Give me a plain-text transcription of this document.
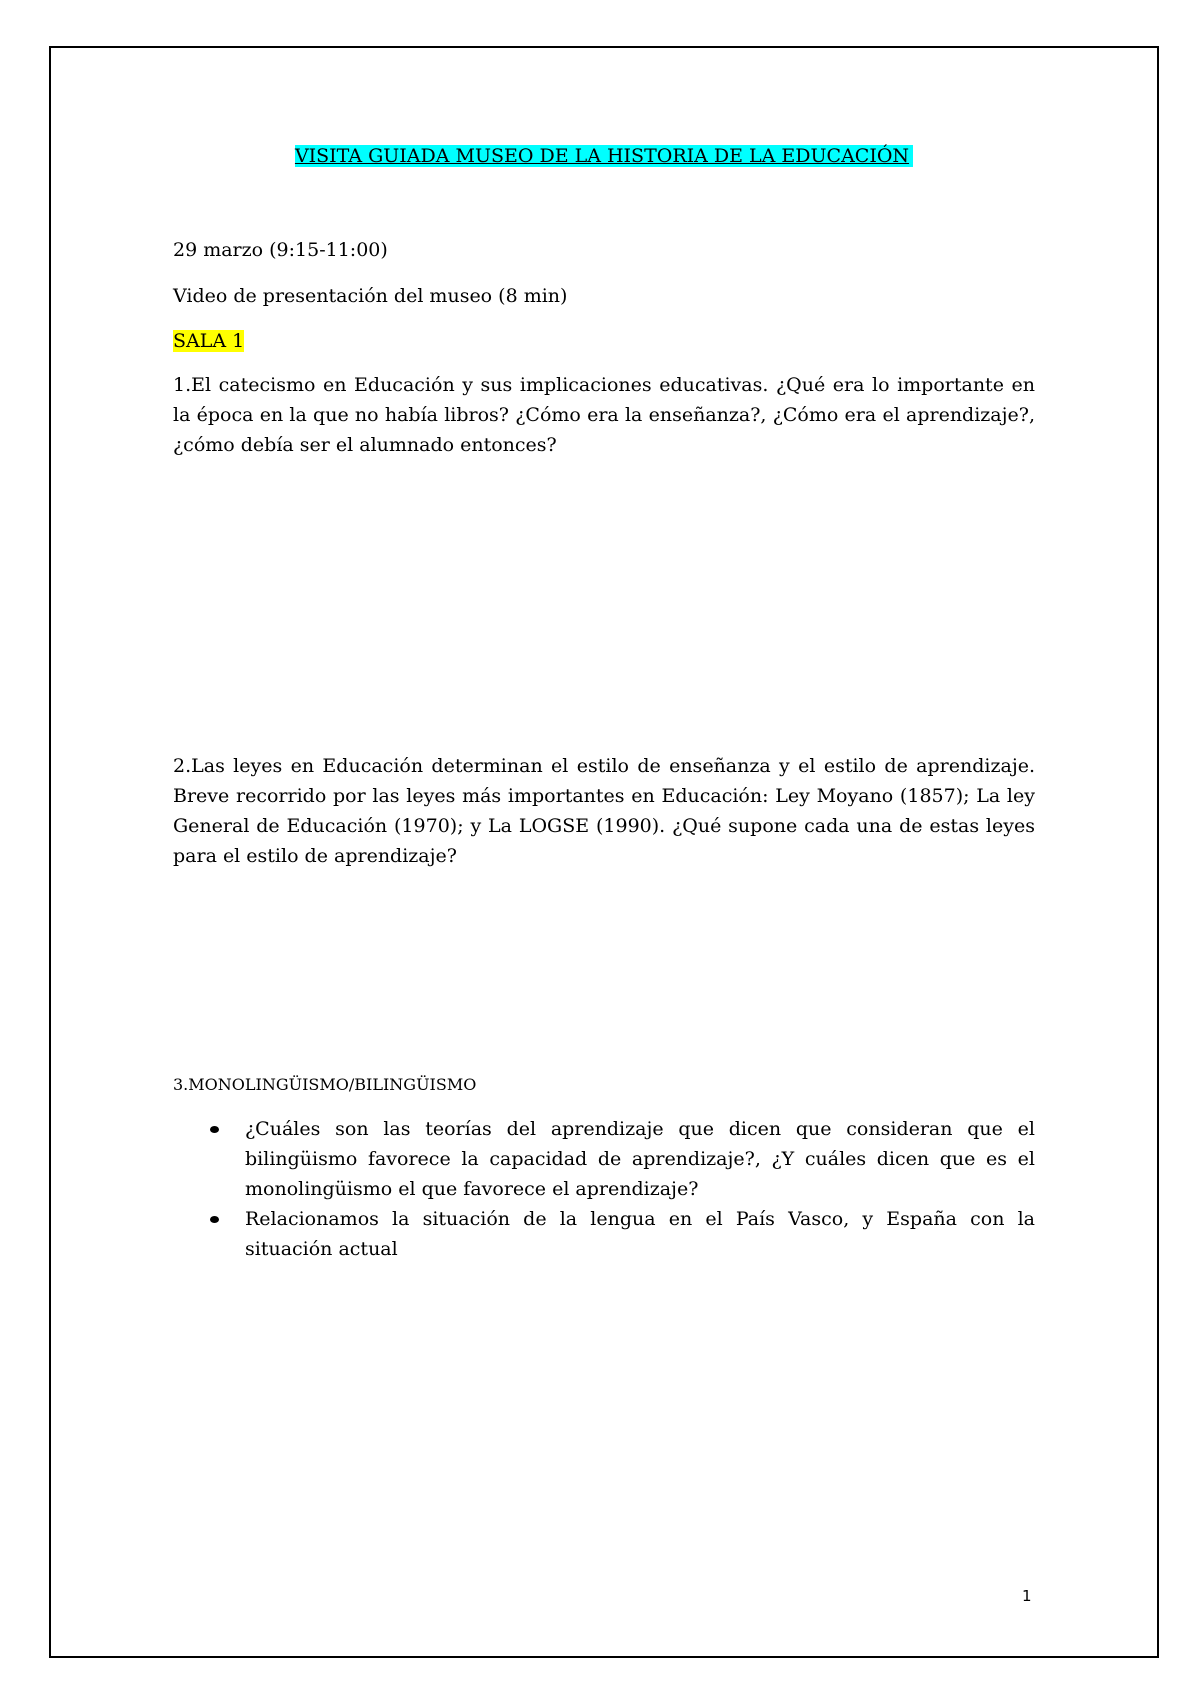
VISITA GUIADA MUSEO DE LA HISTORIA DE LA EDUCACIÓN
29 marzo (9:15-11:00)
Video de presentación del museo (8 min)
SALA 1
1.El catecismo en Educación y sus implicaciones educativas. ¿Qué era lo importante en la época en la que no había libros? ¿Cómo era la enseñanza?, ¿Cómo era el aprendizaje?, ¿cómo debía ser el alumnado entonces?
2.Las leyes en Educación determinan el estilo de enseñanza y el estilo de aprendizaje. Breve recorrido por las leyes más importantes en Educación: Ley Moyano (1857); La ley General de Educación (1970); y La LOGSE (1990). ¿Qué supone cada una de estas leyes para el estilo de aprendizaje?
3.MONOLINGÜISMO/BILINGÜISMO
¿Cuáles son las teorías del aprendizaje que dicen que consideran que el bilingüismo favorece la capacidad de aprendizaje?, ¿Y cuáles dicen que es el monolingüismo el que favorece el aprendizaje?
Relacionamos la situación de la lengua en el País Vasco, y España con la situación actual
1
